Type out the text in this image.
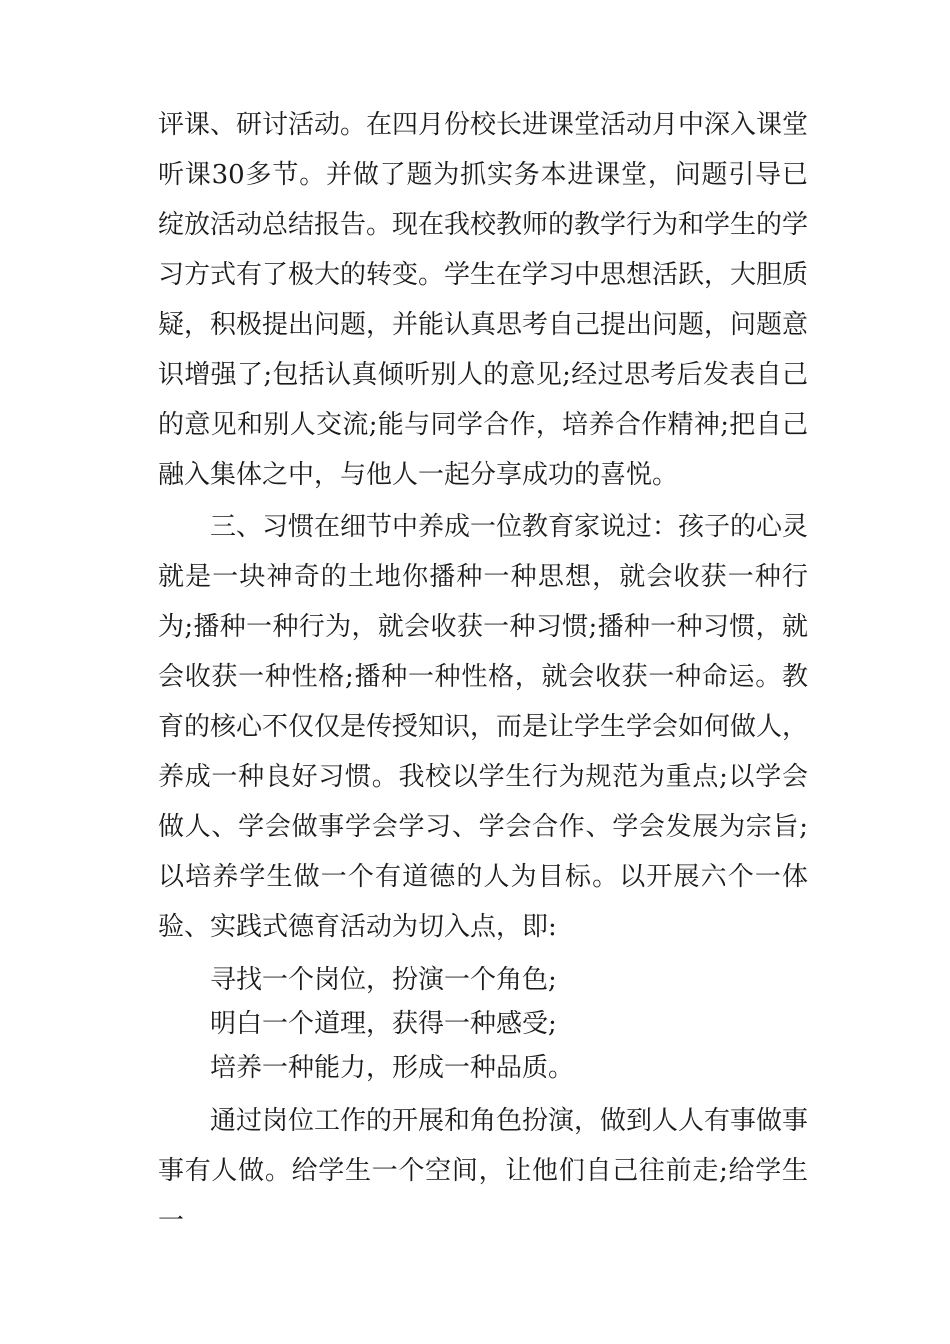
评课、研讨活动。在四月份校长进课堂活动月中深入课堂听课30多节。并做了题为抓实务本进课堂，问题引导已绽放活动总结报告。现在我校教师的教学行为和学生的学习方式有了极大的转变。学生在学习中思想活跃，大胆质疑，积极提出问题，并能认真思考自己提出问题，问题意识增强了;包括认真倾听别人的意见;经过思考后发表自己的意见和别人交流;能与同学合作，培养合作精神;把自己融入集体之中，与他人一起分享成功的喜悦。

三、习惯在细节中养成一位教育家说过：孩子的心灵就是一块神奇的土地你播种一种思想，就会收获一种行为;播种一种行为，就会收获一种习惯;播种一种习惯，就会收获一种性格;播种一种性格，就会收获一种命运。教育的核心不仅仅是传授知识，而是让学生学会如何做人，养成一种良好习惯。我校以学生行为规范为重点;以学会做人、学会做事学会学习、学会合作、学会发展为宗旨;以培养学生做一个有道德的人为目标。以开展六个一体验、实践式德育活动为切入点，即:

寻找一个岗位，扮演一个角色;
明白一个道理，获得一种感受;
培养一种能力，形成一种品质。

通过岗位工作的开展和角色扮演，做到人人有事做事事有人做。给学生一个空间，让他们自己往前走;给学生一
